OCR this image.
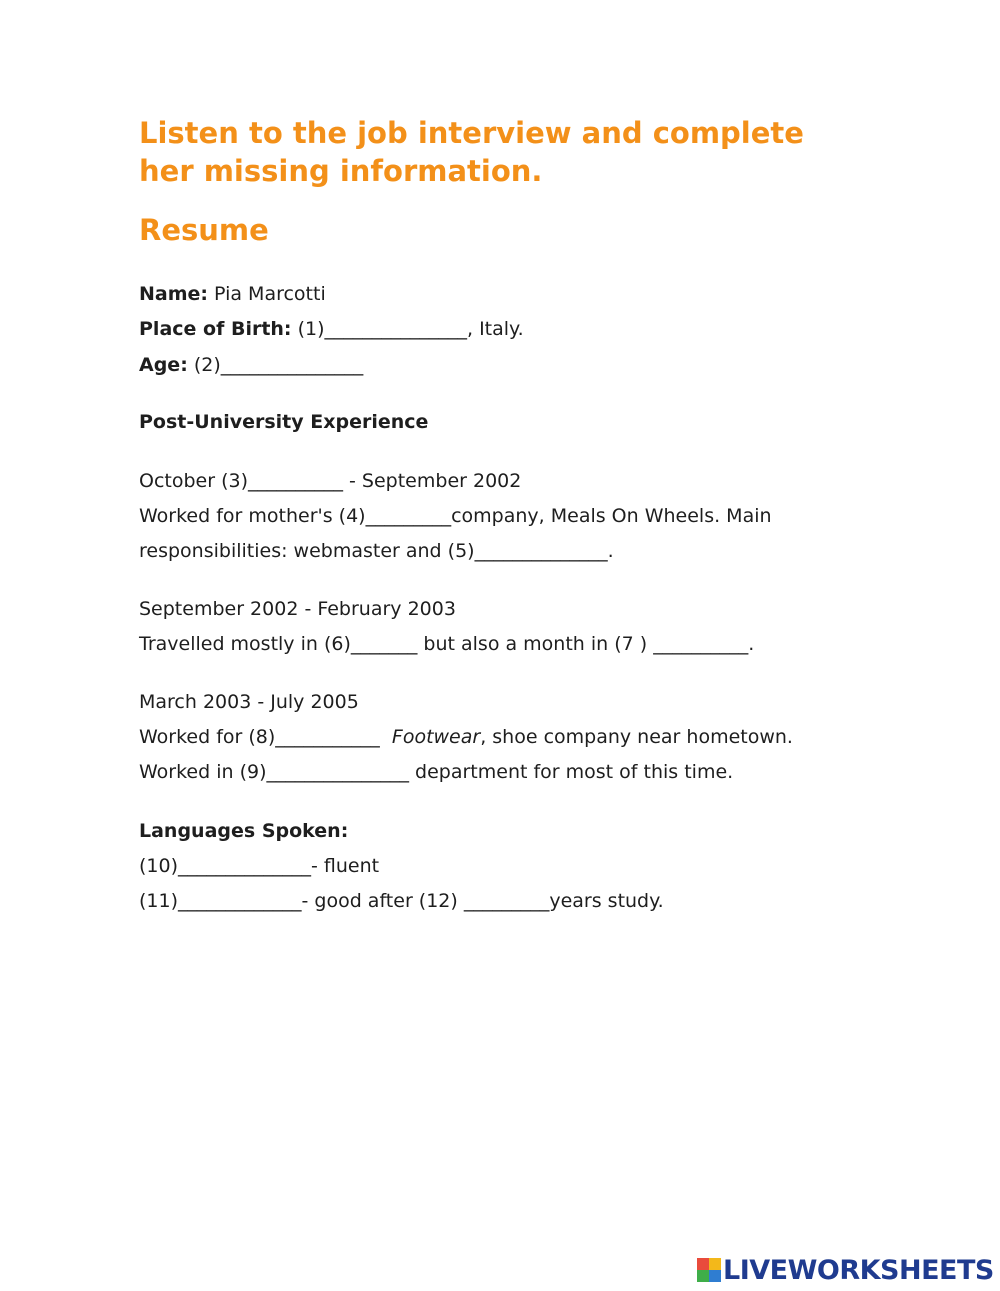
Listen to the job interview and complete
her missing information.
Resume
Name: Pia Marcotti
Place of Birth: (1)_______________, Italy.
Age: (2)_______________
Post-University Experience
October (3)__________ - September 2002
Worked for mother's (4)_________company, Meals On Wheels. Main
responsibilities: webmaster and (5)______________.
September 2002 - February 2003
Travelled mostly in (6)_______ but also a month in (7 ) __________.
March 2003 - July 2005
Worked for (8)___________  Footwear, shoe company near hometown.
Worked in (9)_______________ department for most of this time.
Languages Spoken:
(10)______________- fluent
(11)_____________- good after (12) _________years study.
LIVEWORKSHEETS
